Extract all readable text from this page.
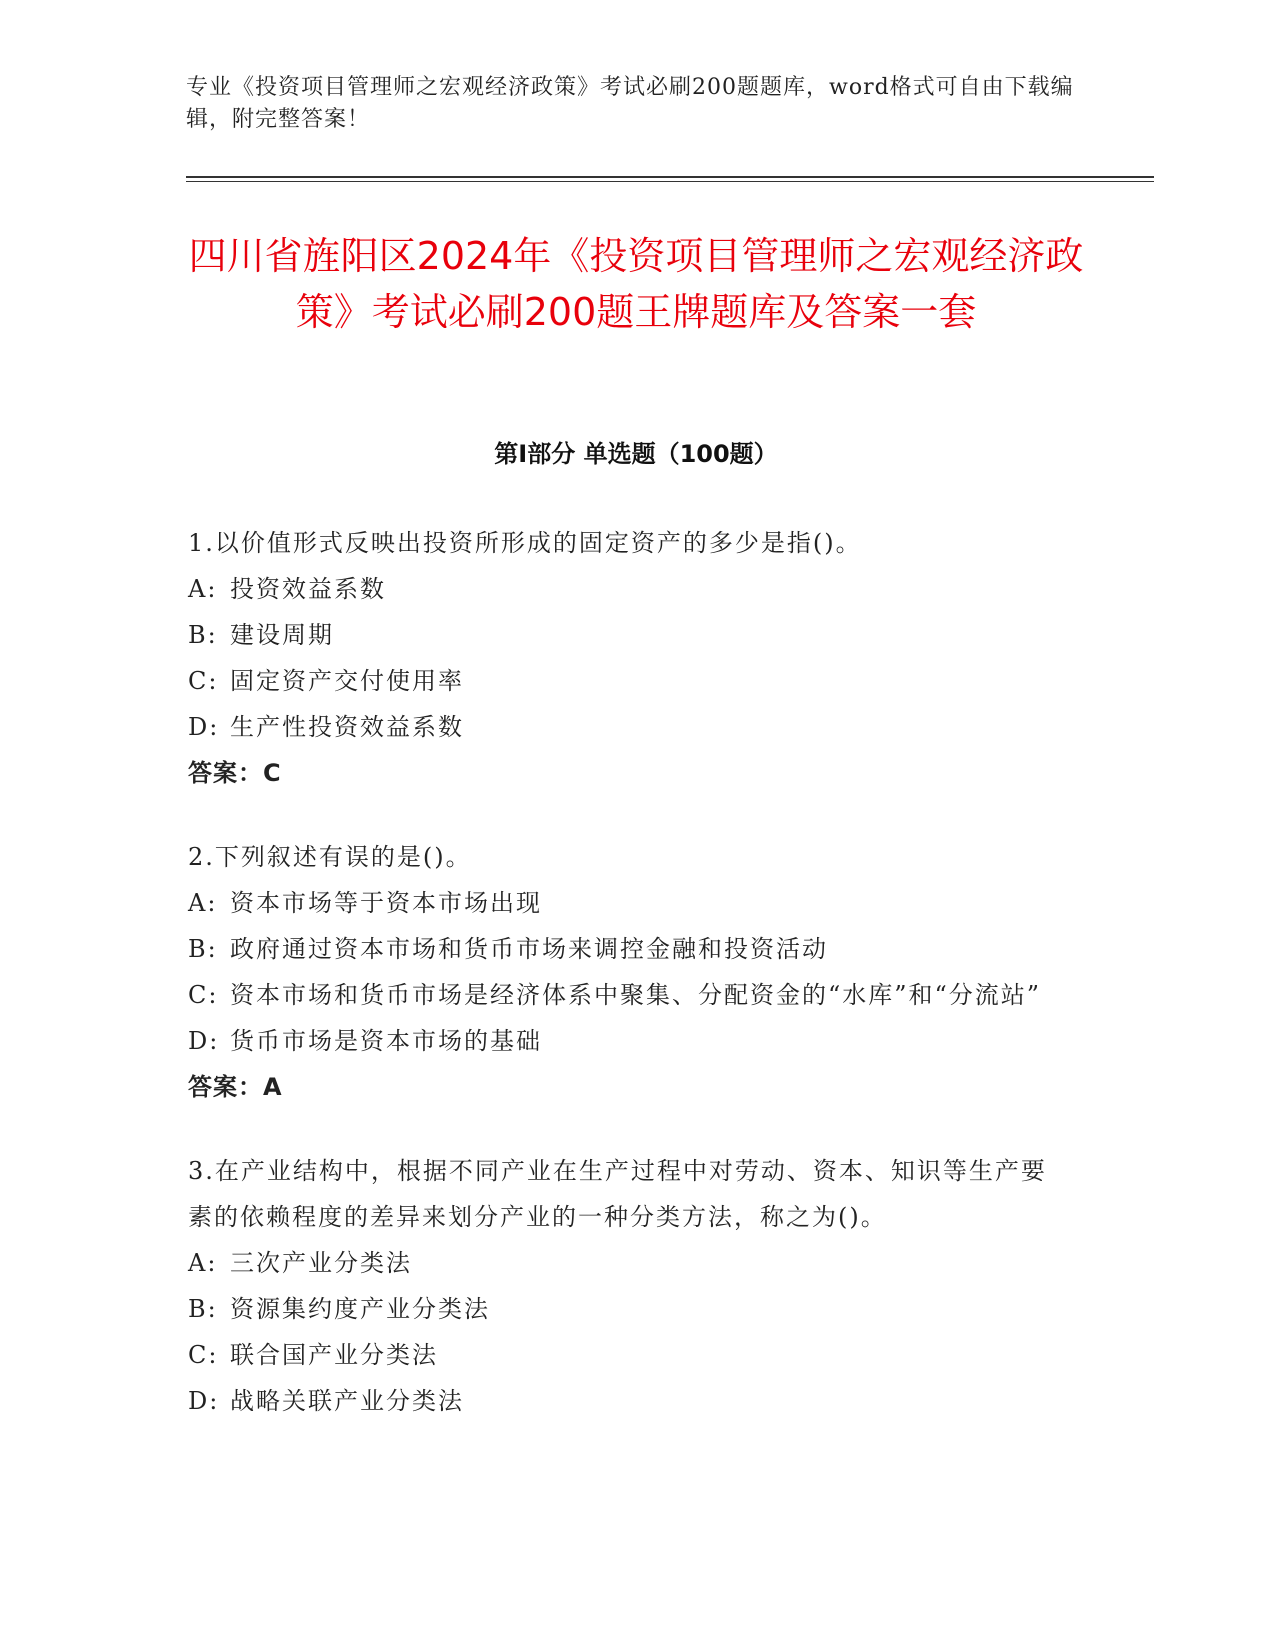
专业《投资项目管理师之宏观经济政策》考试必刷200题题库，word格式可自由下载编辑，附完整答案！
四川省旌阳区2024年《投资项目管理师之宏观经济政策》考试必刷200题王牌题库及答案一套
第I部分 单选题（100题）
1.以价值形式反映出投资所形成的固定资产的多少是指()。
A: 投资效益系数
B: 建设周期
C: 固定资产交付使用率
D: 生产性投资效益系数
答案：C
2.下列叙述有误的是()。
A: 资本市场等于资本市场出现
B: 政府通过资本市场和货币市场来调控金融和投资活动
C: 资本市场和货币市场是经济体系中聚集、分配资金的“水库”和“分流站”
D: 货币市场是资本市场的基础
答案：A
3.在产业结构中，根据不同产业在生产过程中对劳动、资本、知识等生产要素的依赖程度的差异来划分产业的一种分类方法，称之为()。
A: 三次产业分类法
B: 资源集约度产业分类法
C: 联合国产业分类法
D: 战略关联产业分类法
